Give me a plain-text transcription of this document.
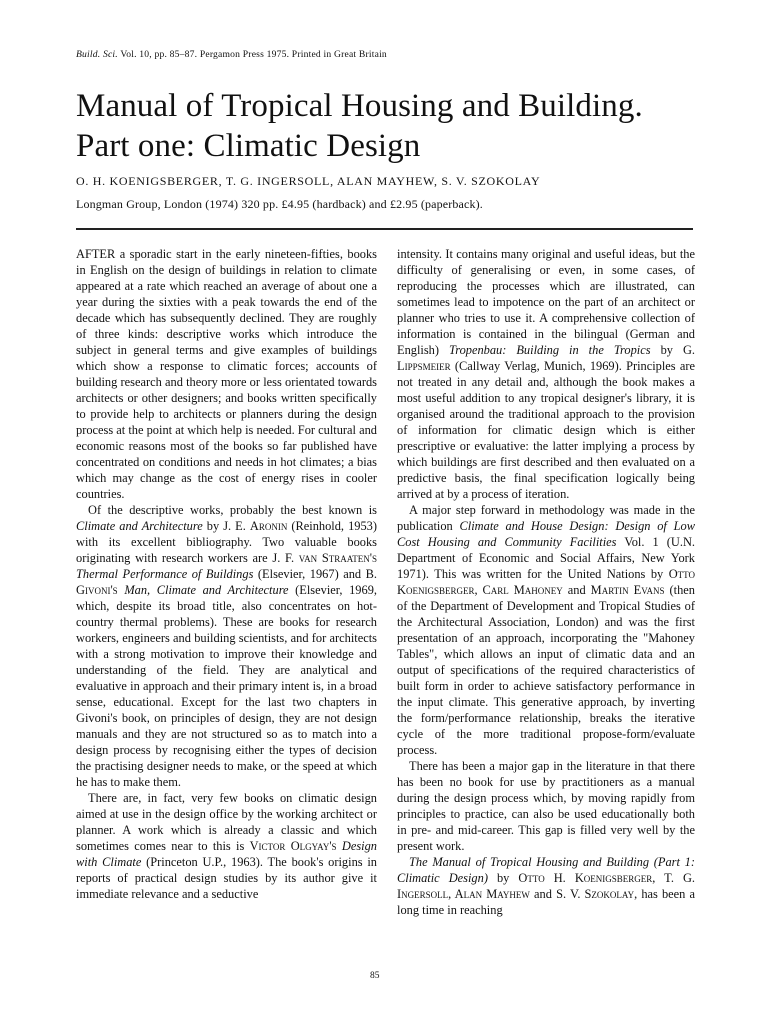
Build. Sci. Vol. 10, pp. 85–87. Pergamon Press 1975. Printed in Great Britain
Manual of Tropical Housing and Building.
Part one: Climatic Design
O. H. KOENIGSBERGER, T. G. INGERSOLL, ALAN MAYHEW, S. V. SZOKOLAY
Longman Group, London (1974) 320 pp. £4.95 (hardback) and £2.95 (paperback).

AFTER a sporadic start in the early nineteen-fifties, books in English on the design of buildings in relation to climate appeared at a rate which reached an average of about one a year during the sixties with a peak towards the end of the decade which has subsequently declined. They are roughly of three kinds: descriptive works which introduce the subject in general terms and give examples of buildings which show a response to climatic forces; accounts of building research and theory more or less orientated towards architects or other designers; and books written specifically to provide help to architects or planners during the design process at the point at which help is needed. For cultural and economic reasons most of the books so far published have concentrated on conditions and needs in hot climates; a bias which may change as the cost of energy rises in cooler countries.

Of the descriptive works, probably the best known is Climate and Architecture by J. E. Aronin (Reinhold, 1953) with its excellent bibliography. Two valuable books originating with research workers are J. F. van Straaten's Thermal Performance of Buildings (Elsevier, 1967) and B. Givoni's Man, Climate and Architecture (Elsevier, 1969, which, despite its broad title, also concentrates on hot-country thermal problems). These are books for research workers, engineers and building scientists, and for architects with a strong motivation to improve their knowledge and understanding of the field. They are analytical and evaluative in approach and their primary intent is, in a broad sense, educational. Except for the last two chapters in Givoni's book, on principles of design, they are not design manuals and they are not structured so as to match into a design process by recognising either the types of decision the practising designer needs to make, or the speed at which he has to make them.

There are, in fact, very few books on climatic design aimed at use in the design office by the working architect or planner. A work which is already a classic and which sometimes comes near to this is Victor Olgyay's Design with Climate (Princeton U.P., 1963). The book's origins in reports of practical design studies by its author give it immediate relevance and a seductive

intensity. It contains many original and useful ideas, but the difficulty of generalising or even, in some cases, of reproducing the processes which are illustrated, can sometimes lead to impotence on the part of an architect or planner who tries to use it. A comprehensive collection of information is contained in the bilingual (German and English) Tropenbau: Building in the Tropics by G. Lippsmeier (Callway Verlag, Munich, 1969). Principles are not treated in any detail and, although the book makes a most useful addition to any tropical designer's library, it is organised around the traditional approach to the provision of information for climatic design which is either prescriptive or evaluative: the latter implying a process by which buildings are first described and then evaluated on a predictive basis, the final specification logically being arrived at by a process of iteration.

A major step forward in methodology was made in the publication Climate and House Design: Design of Low Cost Housing and Community Facilities Vol. 1 (U.N. Department of Economic and Social Affairs, New York 1971). This was written for the United Nations by Otto Koenigsberger, Carl Mahoney and Martin Evans (then of the Department of Development and Tropical Studies of the Architectural Association, London) and was the first presentation of an approach, incorporating the "Mahoney Tables", which allows an input of climatic data and an output of specifications of the required characteristics of built form in order to achieve satisfactory performance in the input climate. This generative approach, by inverting the form/performance relationship, breaks the iterative cycle of the more traditional propose-form/evaluate process.

There has been a major gap in the literature in that there has been no book for use by practitioners as a manual during the design process which, by moving rapidly from principles to practice, can also be used educationally both in pre- and mid-career. This gap is filled very well by the present work.

The Manual of Tropical Housing and Building (Part 1: Climatic Design) by Otto H. Koenigsberger, T. G. Ingersoll, Alan Mayhew and S. V. Szokolay, has been a long time in reaching

85
